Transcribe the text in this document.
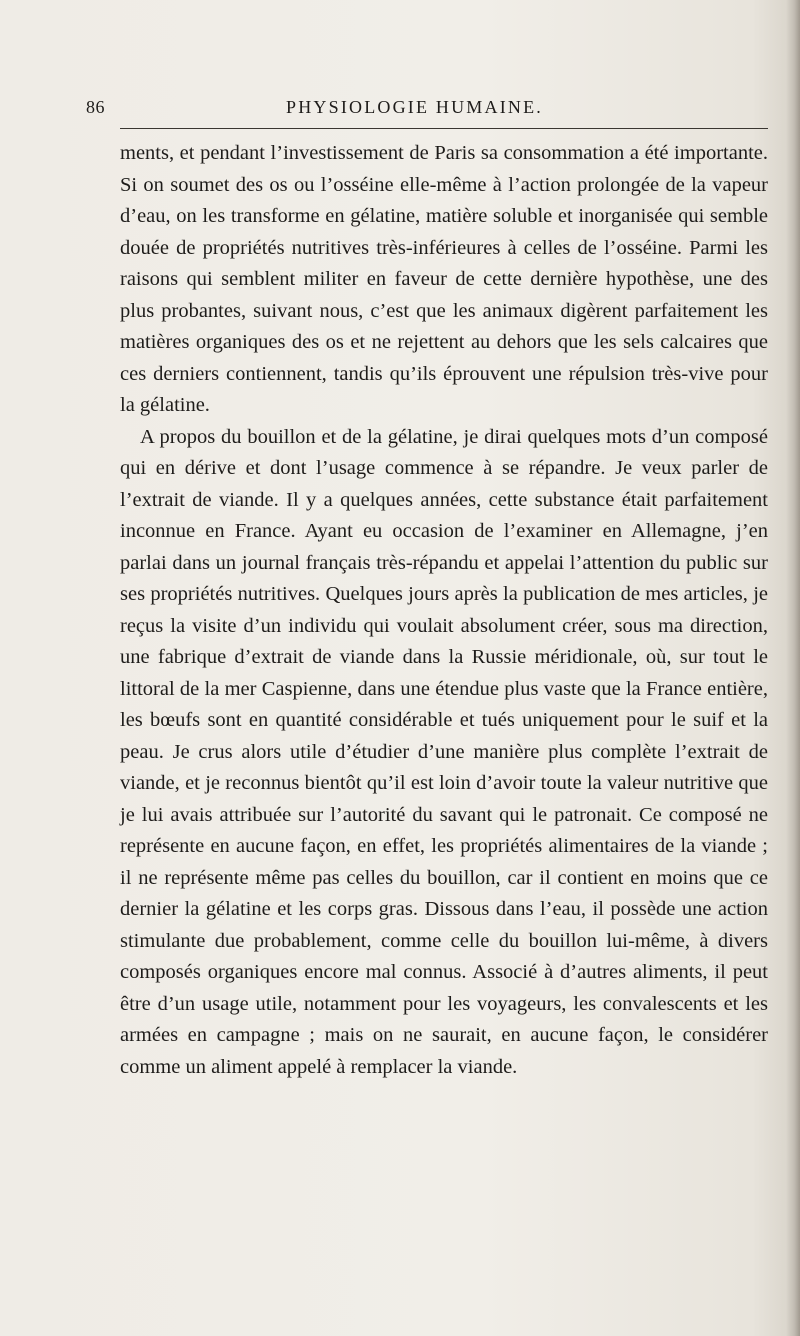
86	PHYSIOLOGIE HUMAINE.

ments, et pendant l’investissement de Paris sa consommation a été importante. Si on soumet des os ou l’osséine elle-même à l’action prolongée de la vapeur d’eau, on les transforme en gélatine, matière soluble et inorganisée qui semble douée de propriétés nutritives très-inférieures à celles de l’osséine. Parmi les raisons qui semblent militer en faveur de cette dernière hypothèse, une des plus probantes, suivant nous, c’est que les animaux digèrent parfaitement les matières organiques des os et ne rejettent au dehors que les sels calcaires que ces derniers contiennent, tandis qu’ils éprouvent une répulsion très-vive pour la gélatine.

A propos du bouillon et de la gélatine, je dirai quelques mots d’un composé qui en dérive et dont l’usage commence à se répandre. Je veux parler de l’extrait de viande. Il y a quelques années, cette substance était parfaitement inconnue en France. Ayant eu occasion de l’examiner en Allemagne, j’en parlai dans un journal français très-répandu et appelai l’attention du public sur ses propriétés nutritives. Quelques jours après la publication de mes articles, je reçus la visite d’un individu qui voulait absolument créer, sous ma direction, une fabrique d’extrait de viande dans la Russie méridionale, où, sur tout le littoral de la mer Caspienne, dans une étendue plus vaste que la France entière, les bœufs sont en quantité considérable et tués uniquement pour le suif et la peau. Je crus alors utile d’étudier d’une manière plus complète l’extrait de viande, et je reconnus bientôt qu’il est loin d’avoir toute la valeur nutritive que je lui avais attribuée sur l’autorité du savant qui le patronait. Ce composé ne représente en aucune façon, en effet, les propriétés alimentaires de la viande ; il ne représente même pas celles du bouillon, car il contient en moins que ce dernier la gélatine et les corps gras. Dissous dans l’eau, il possède une action stimulante due probablement, comme celle du bouillon lui-même, à divers composés organiques encore mal connus. Associé à d’autres aliments, il peut être d’un usage utile, notamment pour les voyageurs, les convalescents et les armées en campagne ; mais on ne saurait, en aucune façon, le considérer comme un aliment appelé à remplacer la viande.
